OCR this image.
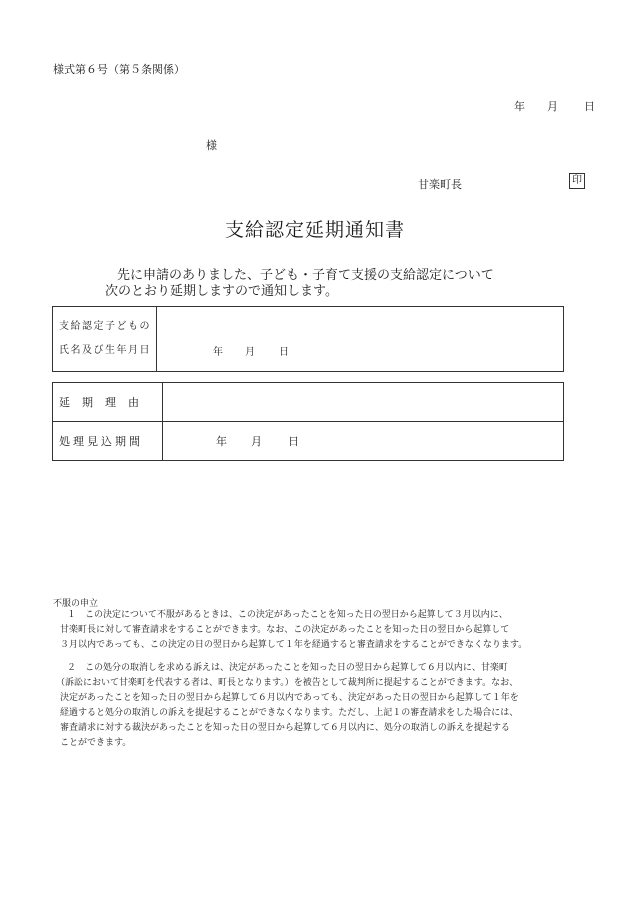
様式第６号（第５条関係）
年 月 日
様
甘楽町長	印
支給認定延期通知書
先に申請のありました、子ども・子育て支援の支給認定について
次のとおり延期しますので通知します。
支給認定子どもの
氏名及び生年月日	年 月 日
延期理由	
処理見込期間	年 月 日
不服の申立
１　この決定について不服があるときは、この決定があったことを知った日の翌日から起算して３月以内に、
甘楽町長に対して審査請求をすることができます。なお、この決定があったことを知った日の翌日から起算して
３月以内であっても、この決定の日の翌日から起算して１年を経過すると審査請求をすることができなくなります。
２　この処分の取消しを求める訴えは、決定があったことを知った日の翌日から起算して６月以内に、甘楽町
（訴訟において甘楽町を代表する者は、町長となります。）を被告として裁判所に提起することができます。なお、
決定があったことを知った日の翌日から起算して６月以内であっても、決定があった日の翌日から起算して１年を
経過すると処分の取消しの訴えを提起することができなくなります。ただし、上記１の審査請求をした場合には、
審査請求に対する裁決があったことを知った日の翌日から起算して６月以内に、処分の取消しの訴えを提起する
ことができます。
